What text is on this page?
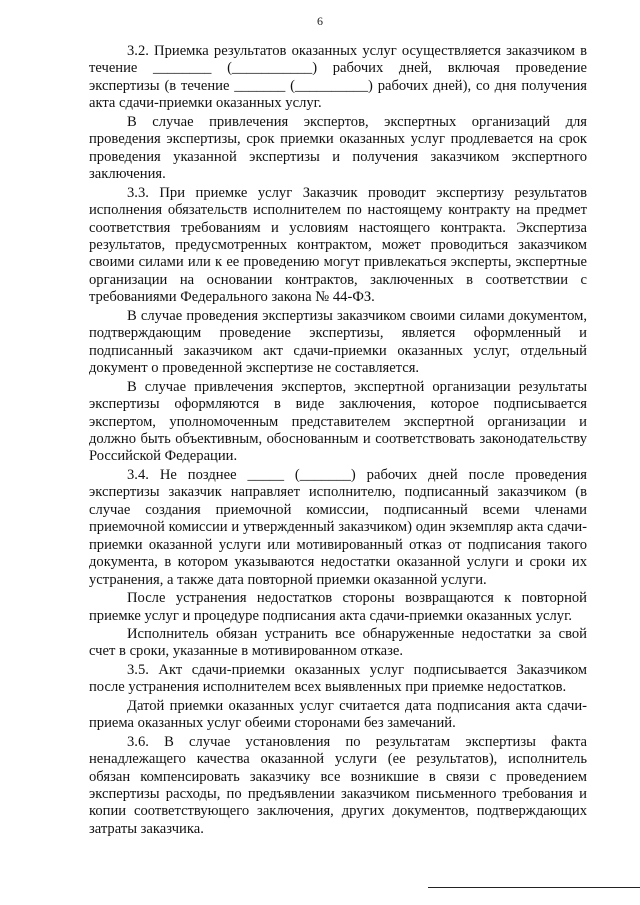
6

3.2. Приемка результатов оказанных услуг осуществляется заказчиком в течение ________ (___________) рабочих дней, включая проведение экспертизы (в течение _______ (__________) рабочих дней), со дня получения акта сдачи-приемки оказанных услуг.

В случае привлечения экспертов, экспертных организаций для проведения экспертизы, срок приемки оказанных услуг продлевается на срок проведения указанной экспертизы и получения заказчиком экспертного заключения.

3.3. При приемке услуг Заказчик проводит экспертизу результатов исполнения обязательств исполнителем по настоящему контракту на предмет соответствия требованиям и условиям настоящего контракта. Экспертиза результатов, предусмотренных контрактом, может проводиться заказчиком своими силами или к ее проведению могут привлекаться эксперты, экспертные организации на основании контрактов, заключенных в соответствии с требованиями Федерального закона № 44-ФЗ.

В случае проведения экспертизы заказчиком своими силами документом, подтверждающим проведение экспертизы, является оформленный и подписанный заказчиком акт сдачи-приемки оказанных услуг, отдельный документ о проведенной экспертизе не составляется.

В случае привлечения экспертов, экспертной организации результаты экспертизы оформляются в виде заключения, которое подписывается экспертом, уполномоченным представителем экспертной организации и должно быть объективным, обоснованным и соответствовать законодательству Российской Федерации.

3.4. Не позднее _____ (_______) рабочих дней после проведения экспертизы заказчик направляет исполнителю, подписанный заказчиком (в случае создания приемочной комиссии, подписанный всеми членами приемочной комиссии и утвержденный заказчиком) один экземпляр акта сдачи-приемки оказанной услуги или мотивированный отказ от подписания такого документа, в котором указываются недостатки оказанной услуги и сроки их устранения, а также дата повторной приемки оказанной услуги.

После устранения недостатков стороны возвращаются к повторной приемке услуг и процедуре подписания акта сдачи-приемки оказанных услуг.

Исполнитель обязан устранить все обнаруженные недостатки за свой счет в сроки, указанные в мотивированном отказе.

3.5. Акт сдачи-приемки оказанных услуг подписывается Заказчиком после устранения исполнителем всех выявленных при приемке недостатков.

Датой приемки оказанных услуг считается дата подписания акта сдачи-приема оказанных услуг обеими сторонами без замечаний.

3.6. В случае установления по результатам экспертизы факта ненадлежащего качества оказанной услуги (ее результатов), исполнитель обязан компенсировать заказчику все возникшие в связи с проведением экспертизы расходы, по предъявлении заказчиком письменного требования и копии соответствующего заключения, других документов, подтверждающих затраты заказчика.
